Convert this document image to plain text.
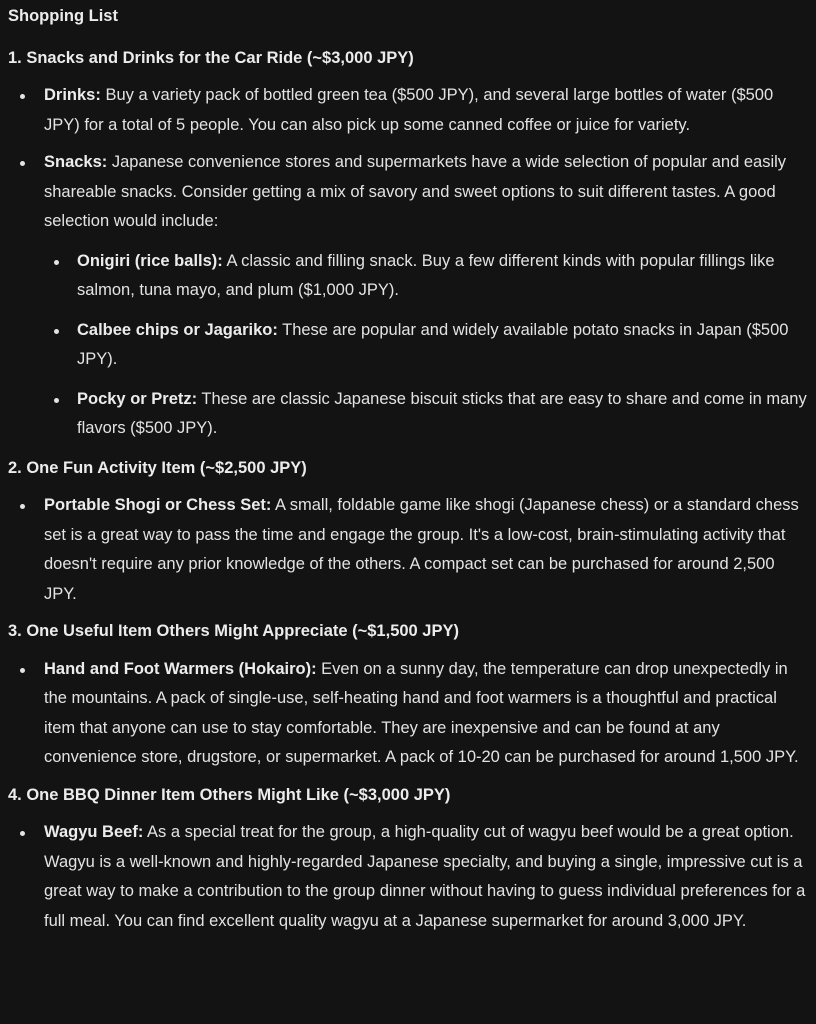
Shopping List
1. Snacks and Drinks for the Car Ride (~$3,000 JPY)
Drinks: Buy a variety pack of bottled green tea ($500 JPY), and several large bottles of water ($500 JPY) for a total of 5 people. You can also pick up some canned coffee or juice for variety.
Snacks: Japanese convenience stores and supermarkets have a wide selection of popular and easily shareable snacks. Consider getting a mix of savory and sweet options to suit different tastes. A good selection would include:
Onigiri (rice balls): A classic and filling snack. Buy a few different kinds with popular fillings like salmon, tuna mayo, and plum ($1,000 JPY).
Calbee chips or Jagariko: These are popular and widely available potato snacks in Japan ($500 JPY).
Pocky or Pretz: These are classic Japanese biscuit sticks that are easy to share and come in many flavors ($500 JPY).
2. One Fun Activity Item (~$2,500 JPY)
Portable Shogi or Chess Set: A small, foldable game like shogi (Japanese chess) or a standard chess set is a great way to pass the time and engage the group. It's a low-cost, brain-stimulating activity that doesn't require any prior knowledge of the others. A compact set can be purchased for around 2,500 JPY.
3. One Useful Item Others Might Appreciate (~$1,500 JPY)
Hand and Foot Warmers (Hokairo): Even on a sunny day, the temperature can drop unexpectedly in the mountains. A pack of single-use, self-heating hand and foot warmers is a thoughtful and practical item that anyone can use to stay comfortable. They are inexpensive and can be found at any convenience store, drugstore, or supermarket. A pack of 10-20 can be purchased for around 1,500 JPY.
4. One BBQ Dinner Item Others Might Like (~$3,000 JPY)
Wagyu Beef: As a special treat for the group, a high-quality cut of wagyu beef would be a great option. Wagyu is a well-known and highly-regarded Japanese specialty, and buying a single, impressive cut is a great way to make a contribution to the group dinner without having to guess individual preferences for a full meal. You can find excellent quality wagyu at a Japanese supermarket for around 3,000 JPY.
